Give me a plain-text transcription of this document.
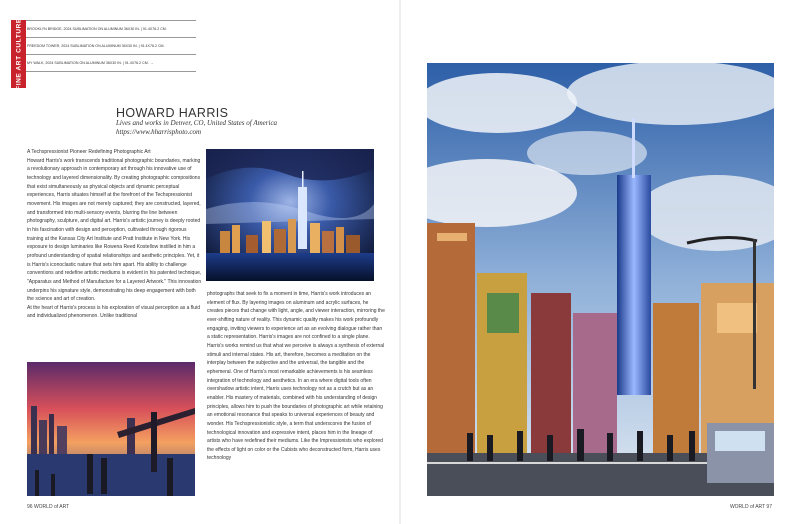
FINE ART CULTURE BROOKLYN BRIDGE, 2024 SUBLIMATION ON ALUMINUM 36X30 IN. | 91.4X76.2 CM.
FREEDOM TOWER, 2024 SUBLIMATION ON ALUMINUM 36X30 IN. | 91.4X76.2 CM.
MY WALK, 2024 SUBLIMATION ON ALUMINUM 36X30 IN. | 91.4X76.2 CM. →
HOWARD HARRIS
Lives and works in Denver, CO, United States of America
https://www.hharrisphoto.com

A Techspressionist Pioneer Redefining Photographic Art

Howard Harris's work transcends traditional photographic boundaries, marking a revolutionary approach in contemporary art through his innovative use of technology and layered dimensionality. By creating photographic compositions that exist simultaneously as physical objects and dynamic perceptual experiences, Harris situates himself at the forefront of the Techspressionist movement. His images are not merely captured; they are constructed, layered, and transformed into multi-sensory events, blurring the line between photography, sculpture, and digital art. Harris's artistic journey is deeply rooted in his fascination with design and perception, cultivated through rigorous training at the Kansas City Art Institute and Pratt Institute in New York. His exposure to design luminaries like Rowena Reed Kostellow instilled in him a profound understanding of spatial relationships and aesthetic principles. Yet, it is Harris's iconoclastic nature that sets him apart. His ability to challenge conventions and redefine artistic mediums is evident in his patented technique, "Apparatus and Method of Manufacture for a Layered Artwork." This innovation underpins his signature style, demonstrating his deep engagement with both the science and art of creation.

At the heart of Harris's process is his exploration of visual perception as a fluid and individualized phenomenon. Unlike traditional

photographs that seek to fix a moment in time, Harris's work introduces an element of flux. By layering images on aluminum and acrylic surfaces, he creates pieces that change with light, angle, and viewer interaction, mirroring the ever-shifting nature of reality. This dynamic quality makes his work profoundly engaging, inviting viewers to experience art as an evolving dialogue rather than a static representation. Harris's images are not confined to a single plane. Harris's works remind us that what we perceive is always a synthesis of external stimuli and internal states. His art, therefore, becomes a meditation on the interplay between the subjective and the universal, the tangible and the ephemeral. One of Harris's most remarkable achievements is his seamless integration of technology and aesthetics. In an era where digital tools often overshadow artistic intent, Harris uses technology not as a crutch but as an enabler. His mastery of materials, combined with his understanding of design principles, allows him to push the boundaries of photographic art while retaining an emotional resonance that speaks to universal experiences of beauty and wonder. His Techspressionistic style, a term that underscores the fusion of technological innovation and expressive intent, places him in the lineage of artists who have redefined their mediums. Like the Impressionists who explored the effects of light on color or the Cubists who deconstructed form, Harris uses technology

96 WORLD of ART	WORLD of ART 97
